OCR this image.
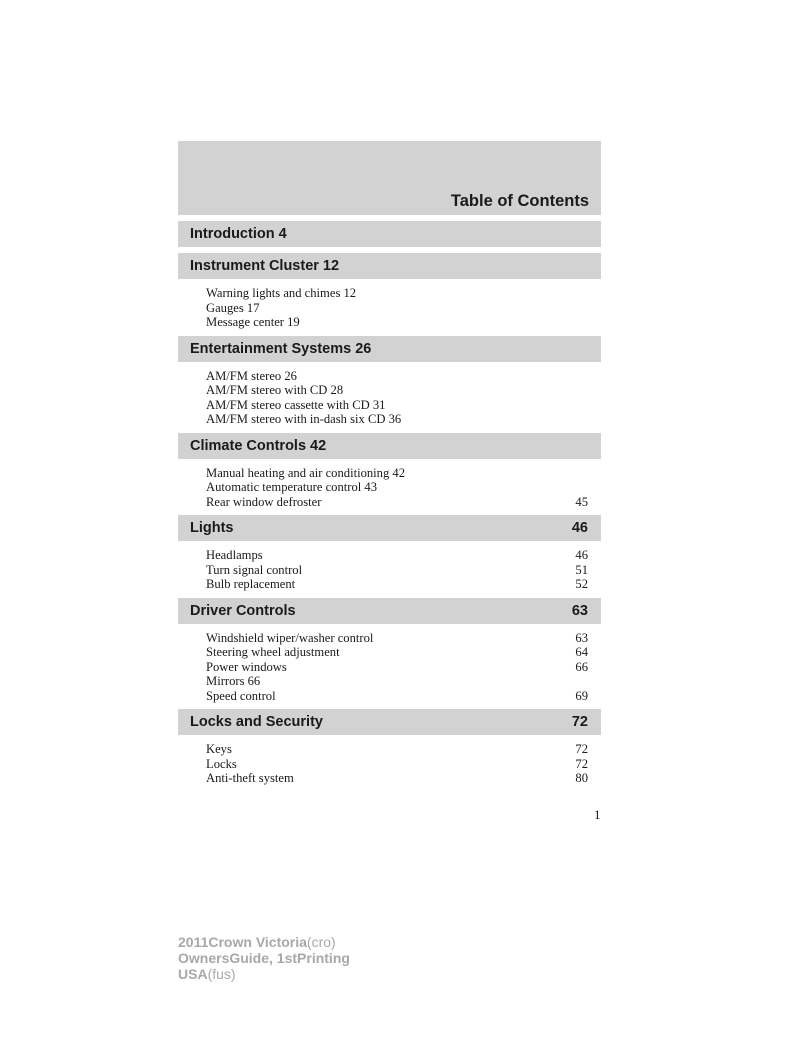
Table of Contents
Introduction 4
Instrument Cluster 12
Warning lights and chimes 12
Gauges 17
Message center 19
Entertainment Systems 26
AM/FM stereo 26
AM/FM stereo with CD 28
AM/FM stereo cassette with CD 31
AM/FM stereo with in-dash six CD 36
Climate Controls 42
Manual heating and air conditioning 42
Automatic temperature control 43
Rear window defroster	45
Lights	46
Headlamps	46
Turn signal control	51
Bulb replacement	52
Driver Controls	63
Windshield wiper/washer control	63
Steering wheel adjustment	64
Power windows	66
Mirrors 66
Speed control	69
Locks and Security	72
Keys	72
Locks	72
Anti-theft system	80
1
2011Crown Victoria(cro)
OwnersGuide, 1stPrinting
USA(fus)
